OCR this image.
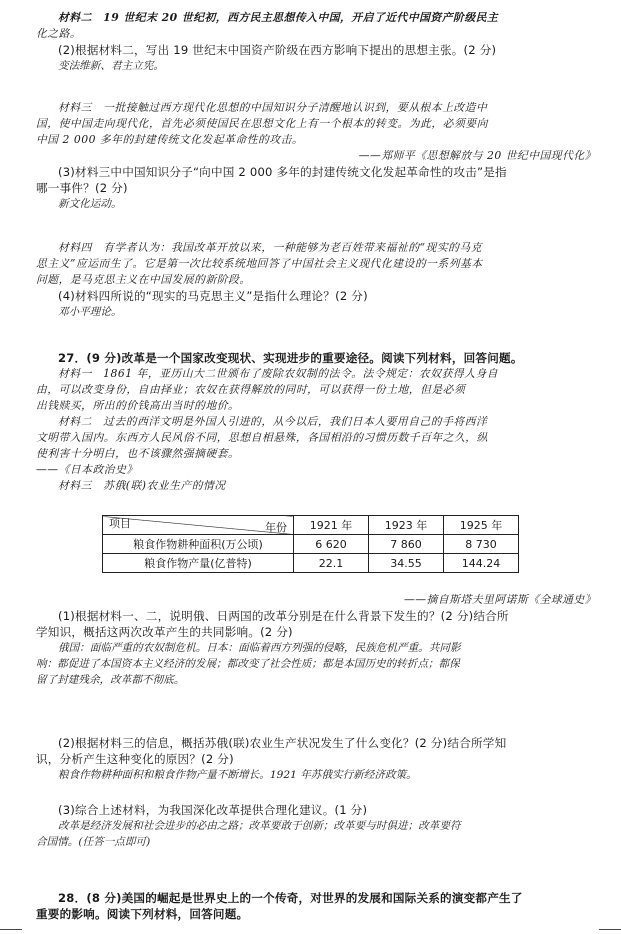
材料二　19 世纪末 20 世纪初，西方民主思想传入中国，开启了近代中国资产阶级民主
化之路。
(2)根据材料二，写出 19 世纪末中国资产阶级在西方影响下提出的思想主张。(2 分)
变法维新、君主立宪。
材料三　一批接触过西方现代化思想的中国知识分子清醒地认识到，要从根本上改造中
国，使中国走向现代化，首先必须使国民在思想文化上有一个根本的转变。为此，必须要向
中国 2 000 多年的封建传统文化发起革命性的攻击。
——郑师平《思想解放与 20 世纪中国现代化》
(3)材料三中中国知识分子“向中国 2 000 多年的封建传统文化发起革命性的攻击”是指
哪一事件？(2 分)
新文化运动。
材料四　有学者认为：我国改革开放以来，一种能够为老百姓带来福祉的“现实的马克
思主义”应运而生了。它是第一次比较系统地回答了中国社会主义现代化建设的一系列基本
问题，是马克思主义在中国发展的新阶段。
(4)材料四所说的“现实的马克思主义”是指什么理论？(2 分)
邓小平理论。
27．(9 分)改革是一个国家改变现状、实现进步的重要途径。阅读下列材料，回答问题。
材料一　1861 年，亚历山大二世颁布了废除农奴制的法令。法令规定：农奴获得人身自
由，可以改变身份，自由择业；农奴在获得解放的同时，可以获得一份土地，但是必须
出钱赎买，所出的价钱高出当时的地价。
材料二　过去的西洋文明是外国人引进的，从今以后，我们日本人要用自己的手将西洋
文明带入国内。东西方人民风俗不同，思想自相悬殊，各国相沿的习惯历数千百年之久，纵
使利害十分明白，也不该骤然强摘硬套。
——《日本政治史》
材料三　苏俄(联)农业生产的情况
年份
项目	1921 年	1923 年	1925 年
粮食作物耕种面积(万公顷)	6 620	7 860	8 730
粮食作物产量(亿普特)	22.1	34.55	144.24
——摘自斯塔夫里阿诺斯《全球通史》
(1)根据材料一、二，说明俄、日两国的改革分别是在什么背景下发生的？(2 分)结合所
学知识，概括这两次改革产生的共同影响。(2 分)
俄国：面临严重的农奴制危机。日本：面临着西方列强的侵略，民族危机严重。共同影
响：都促进了本国资本主义经济的发展；都改变了社会性质；都是本国历史的转折点；都保
留了封建残余，改革都不彻底。
(2)根据材料三的信息，概括苏俄(联)农业生产状况发生了什么变化？(2 分)结合所学知
识，分析产生这种变化的原因？(2 分)
粮食作物耕种面积和粮食作物产量不断增长。1921 年苏俄实行新经济政策。
(3)综合上述材料，为我国深化改革提供合理化建议。(1 分)
改革是经济发展和社会进步的必由之路；改革要敢于创新；改革要与时俱进；改革要符
合国情。(任答一点即可)
28．(8 分)美国的崛起是世界史上的一个传奇，对世界的发展和国际关系的演变都产生了
重要的影响。阅读下列材料，回答问题。
